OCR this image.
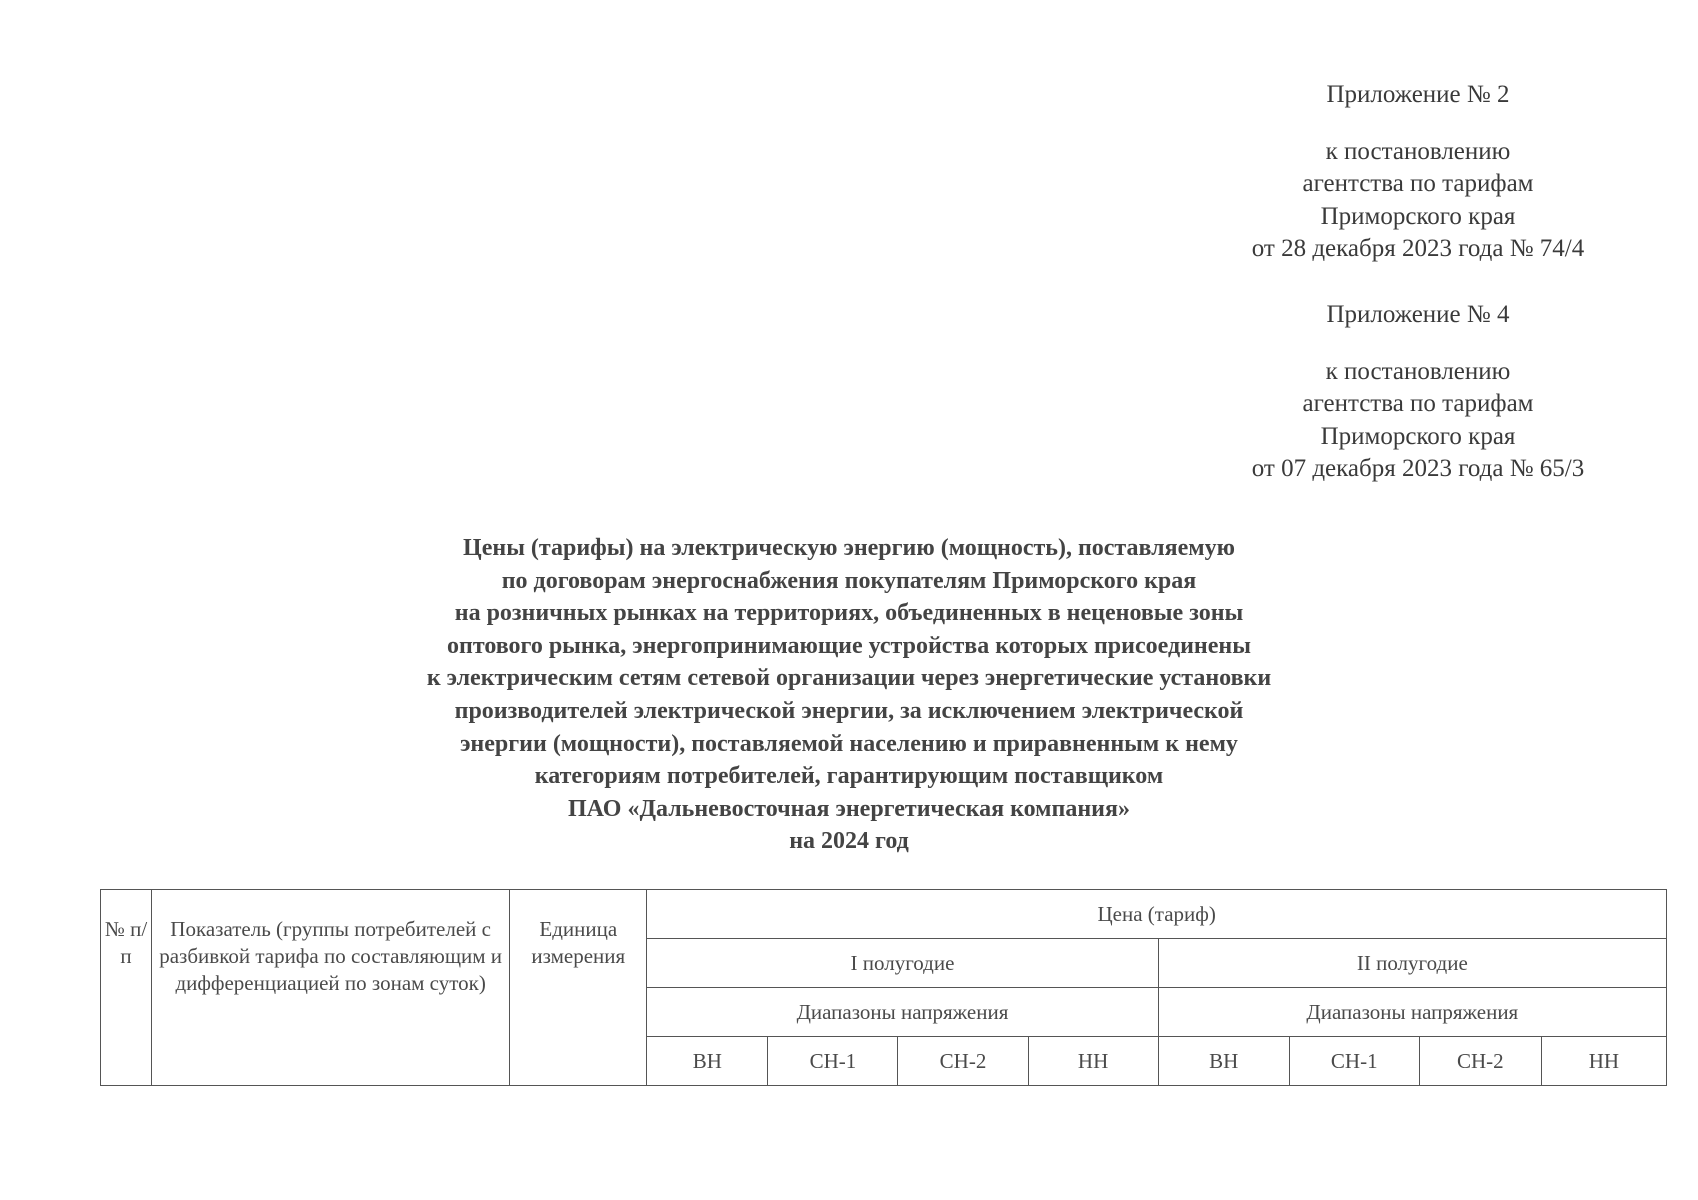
Приложение № 2

к постановлению

агентства по тарифам

Приморского края

от 28 декабря 2023 года № 74/4

Приложение № 4

к постановлению

агентства по тарифам

Приморского края

от 07 декабря 2023 года № 65/3

Цены (тарифы) на электрическую энергию (мощность), поставляемую

по договорам энергоснабжения покупателям Приморского края

на розничных рынках на территориях, объединенных в неценовые зоны

оптового рынка, энергопринимающие устройства которых присоединены

к электрическим сетям сетевой организации через энергетические установки

производителей электрической энергии, за исключением электрической

энергии (мощности), поставляемой населению и приравненным к нему

категориям потребителей, гарантирующим поставщиком

ПАО «Дальневосточная энергетическая компания»

на 2024 год

№ п/п	Показатель (группы потребителей с разбивкой тарифа по составляющим и дифференциацией по зонам суток)	Единица измерения	Цена (тариф)							
			I полугодие				II полугодие			
			Диапазоны напряжения				Диапазоны напряжения			
			ВН	СН-1	СН-2	НН	ВН	СН-1	СН-2	НН
